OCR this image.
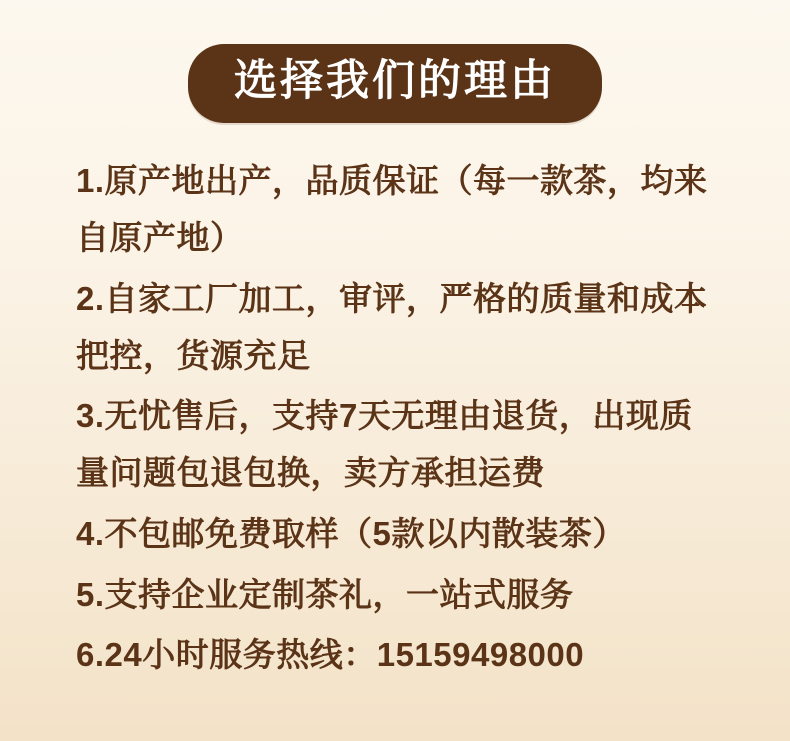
选择我们的理由

1.原产地出产，品质保证（每一款茶，均来自原产地）

2.自家工厂加工，审评，严格的质量和成本把控，货源充足

3.无忧售后，支持7天无理由退货，出现质量问题包退包换，卖方承担运费

4.不包邮免费取样（5款以内散装茶）

5.支持企业定制茶礼，一站式服务

6.24小时服务热线：15159498000
